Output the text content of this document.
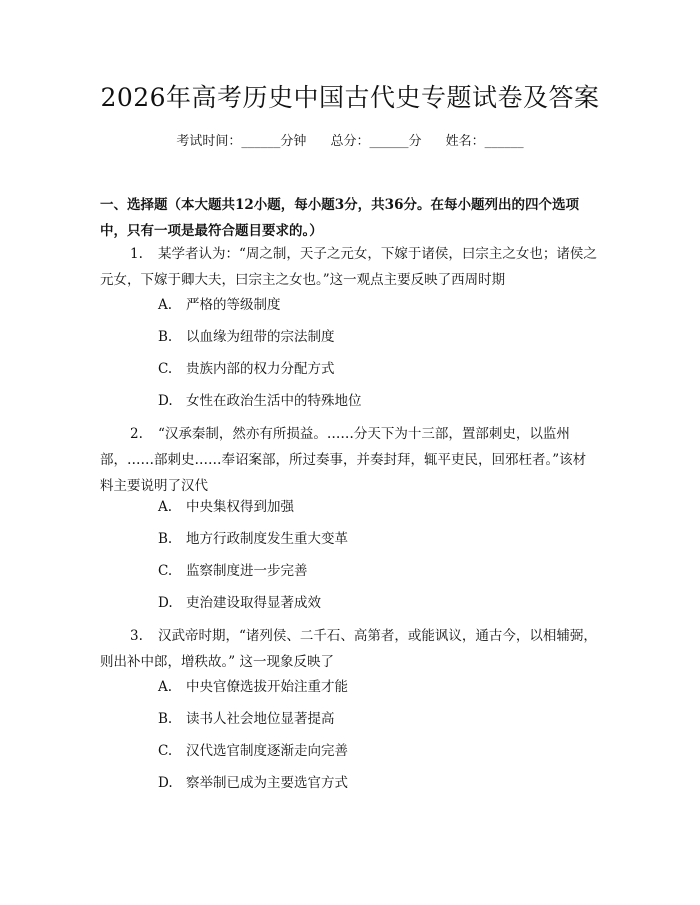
2026年高考历史中国古代史专题试卷及答案
考试时间：______分钟 总分：______分 姓名：______
一、选择题（本大题共12小题，每小题3分，共36分。在每小题列出的四个选项中，只有一项是最符合题目要求的。）
1. 某学者认为：“周之制，天子之元女，下嫁于诸侯，曰宗主之女也；诸侯之元女，下嫁于卿大夫，曰宗主之女也。”这一观点主要反映了西周时期
A. 严格的等级制度
B. 以血缘为纽带的宗法制度
C. 贵族内部的权力分配方式
D. 女性在政治生活中的特殊地位
2. “汉承秦制，然亦有所损益。……分天下为十三部，置部刺史，以监州部，……部刺史……奉诏案部，所过奏事，并奏封拜，辄平吏民，回邪枉者。”该材料主要说明了汉代
A. 中央集权得到加强
B. 地方行政制度发生重大变革
C. 监察制度进一步完善
D. 吏治建设取得显著成效
3. 汉武帝时期，“诸列侯、二千石、高第者，或能讽议，通古今，以相辅弼，则出补中郎，增秩故。” 这一现象反映了
A. 中央官僚选拔开始注重才能
B. 读书人社会地位显著提高
C. 汉代选官制度逐渐走向完善
D. 察举制已成为主要选官方式
